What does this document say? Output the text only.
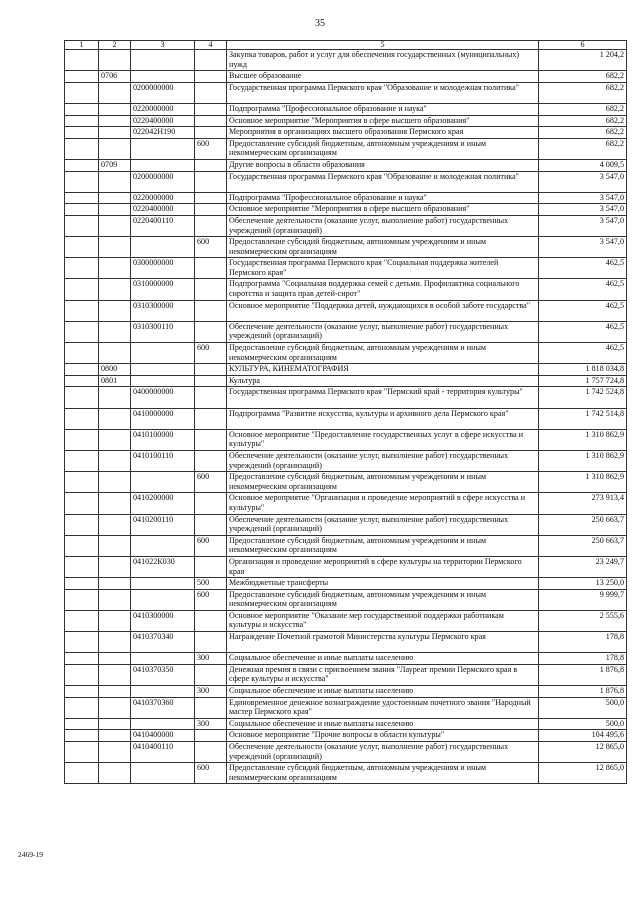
35
1	2	3	4	5	6
				Закупка товаров, работ и услуг для обеспечения государственных (муниципальных) нужд	1 204,2
	0706			Высшее образование	682,2
		0200000000		Государственная программа Пермского края "Образование и молодежная политика"	682,2
		0220000000		Подпрограмма "Профессиональное образование и наука"	682,2
		0220400000		Основное мероприятие "Мероприятия в сфере высшего образования"	682,2
		022042Н190		Мероприятия в организациях высшего образования Пермского края	682,2
			600	Предоставление субсидий бюджетным, автономным учреждениям и иным некоммерческим организациям	682,2
	0709			Другие вопросы в области образования	4 009,5
		0200000000		Государственная программа Пермского края "Образование и молодежная политика"	3 547,0
		0220000000		Подпрограмма "Профессиональное образование и наука"	3 547,0
		0220400000		Основное мероприятие "Мероприятия в сфере высшего образования"	3 547,0
		0220400110		Обеспечение деятельности (оказание услуг, выполнение работ) государственных учреждений (организаций)	3 547,0
			600	Предоставление субсидий бюджетным, автономным учреждениям и иным некоммерческим организациям	3 547,0
		0300000000		Государственная программа Пермского края "Социальная поддержка жителей Пермского края"	462,5
		0310000000		Подпрограмма "Социальная поддержка семей с детьми. Профилактика социального сиротства и защита прав детей-сирот"	462,5
		0310300000		Основное мероприятие "Поддержка детей, нуждающихся в особой заботе государства"	462,5
		0310300110		Обеспечение деятельности (оказание услуг, выполнение работ) государственных учреждений (организаций)	462,5
			600	Предоставление субсидий бюджетным, автономным учреждениям и иным некоммерческим организациям	462,5
	0800			КУЛЬТУРА, КИНЕМАТОГРАФИЯ	1 818 034,8
	0801			Культура	1 757 724,8
		0400000000		Государственная программа Пермского края "Пермский край - территория культуры"	1 742 524,8
		0410000000		Подпрограмма "Развитие искусства, культуры и архивного дела Пермского края"	1 742 514,8
		0410100000		Основное мероприятие "Предоставление государственных услуг в сфере искусства и культуры"	1 310 862,9
		0410100110		Обеспечение деятельности (оказание услуг, выполнение работ) государственных учреждений (организаций)	1 310 862,9
			600	Предоставление субсидий бюджетным, автономным учреждениям и иным некоммерческим организациям	1 310 862,9
		0410200000		Основное мероприятие "Организация и проведение мероприятий в сфере искусства и культуры"	273 913,4
		0410200110		Обеспечение деятельности (оказание услуг, выполнение работ) государственных учреждений (организаций)	250 663,7
			600	Предоставление субсидий бюджетным, автономным учреждениям и иным некоммерческим организациям	250 663,7
		041022К030		Организация и проведение мероприятий в сфере культуры на территории Пермского края	23 249,7
			500	Межбюджетные трансферты	13 250,0
			600	Предоставление субсидий бюджетным, автономным учреждениям и иным некоммерческим организациям	9 999,7
		0410300000		Основное мероприятие "Оказание мер государственной поддержки работникам культуры и искусства"	2 555,6
		0410370340		Награждение Почетной грамотой Министерства культуры Пермского края	178,8
			300	Социальное обеспечение и иные выплаты населению	178,8
		0410370350		Денежная премия в связи с присвоением звания "Лауреат премии Пермского края в сфере культуры и искусства"	1 876,8
			300	Социальное обеспечение и иные выплаты населению	1 876,8
		0410370360		Единовременное денежное вознаграждение удостоенным почетного звания "Народный мастер Пермского края"	500,0
			300	Социальное обеспечение и иные выплаты населению	500,0
		0410400000		Основное мероприятие "Прочие вопросы в области культуры"	104 495,6
		0410400110		Обеспечение деятельности (оказание услуг, выполнение работ) государственных учреждений (организаций)	12 865,0
			600	Предоставление субсидий бюджетным, автономным учреждениям и иным некоммерческим организациям	12 865,0
2469-19
